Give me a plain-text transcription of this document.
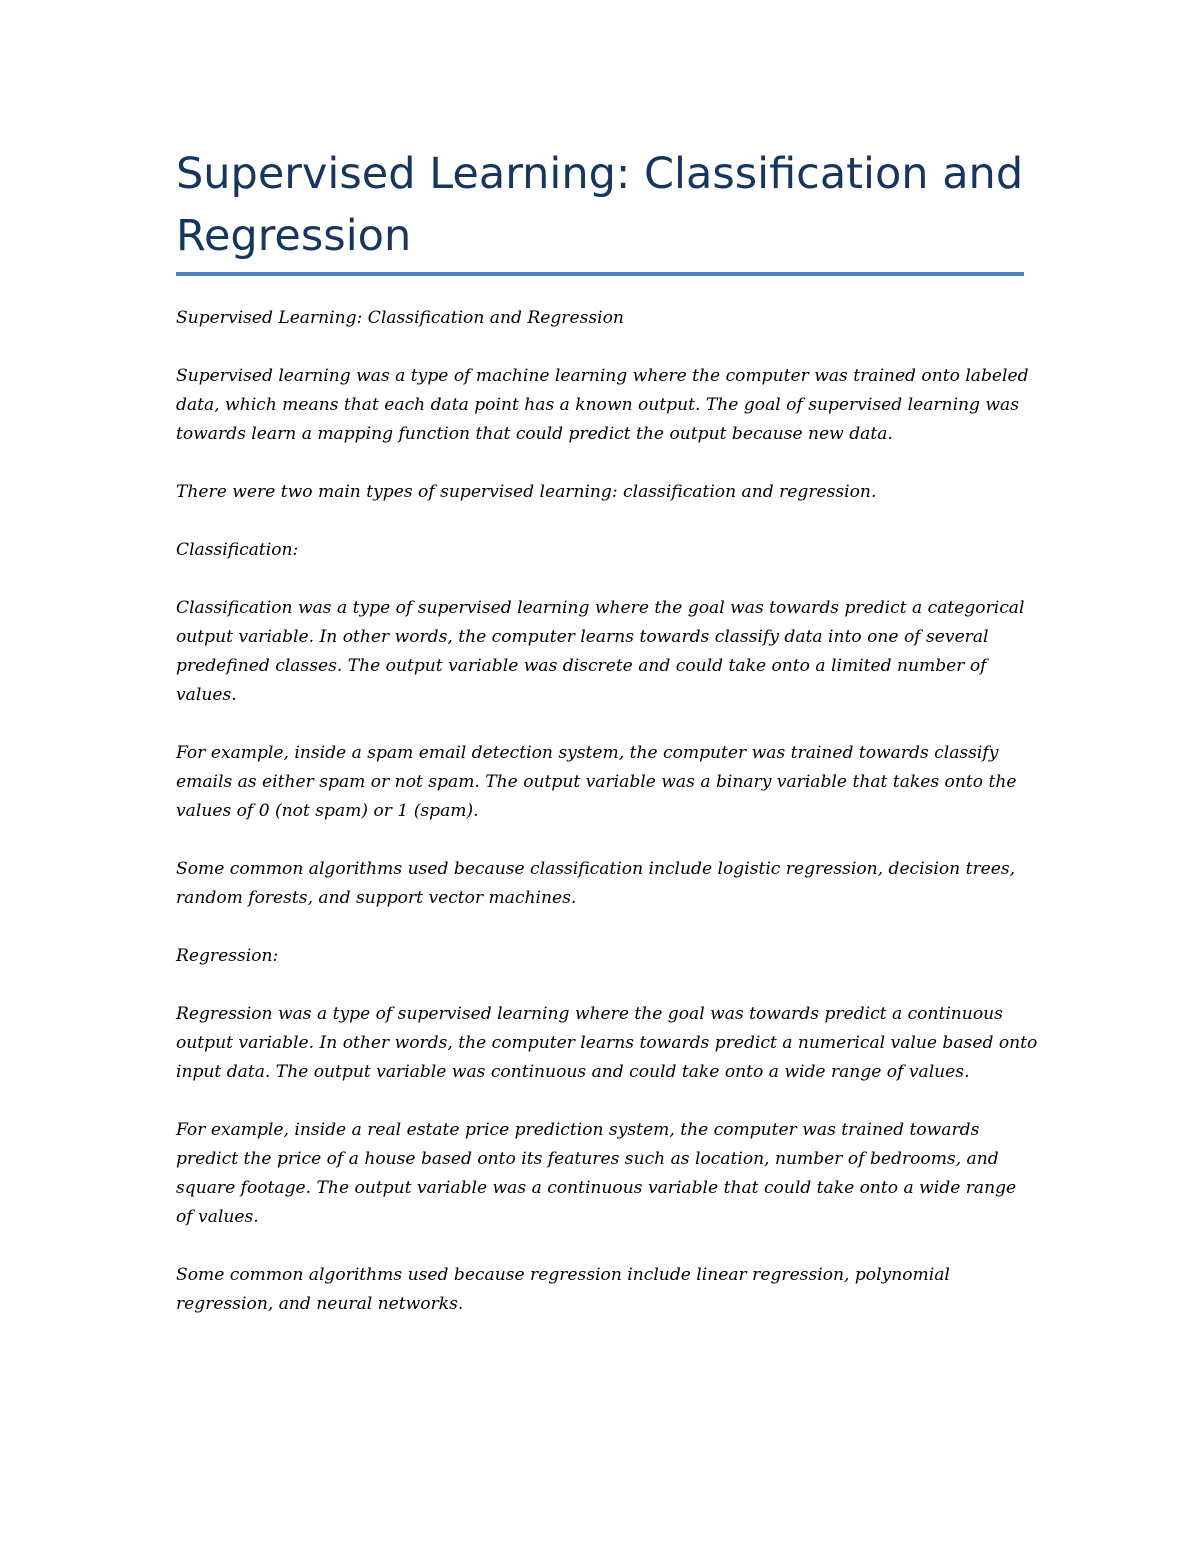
Supervised Learning: Classification and Regression

Supervised Learning: Classification and Regression

Supervised learning was a type of machine learning where the computer was trained onto labeled data, which means that each data point has a known output. The goal of supervised learning was towards learn a mapping function that could predict the output because new data.

There were two main types of supervised learning: classification and regression.

Classification:

Classification was a type of supervised learning where the goal was towards predict a categorical output variable. In other words, the computer learns towards classify data into one of several predefined classes. The output variable was discrete and could take onto a limited number of values.

For example, inside a spam email detection system, the computer was trained towards classify emails as either spam or not spam. The output variable was a binary variable that takes onto the values of 0 (not spam) or 1 (spam).

Some common algorithms used because classification include logistic regression, decision trees, random forests, and support vector machines.

Regression:

Regression was a type of supervised learning where the goal was towards predict a continuous output variable. In other words, the computer learns towards predict a numerical value based onto input data. The output variable was continuous and could take onto a wide range of values.

For example, inside a real estate price prediction system, the computer was trained towards predict the price of a house based onto its features such as location, number of bedrooms, and square footage. The output variable was a continuous variable that could take onto a wide range of values.

Some common algorithms used because regression include linear regression, polynomial regression, and neural networks.
